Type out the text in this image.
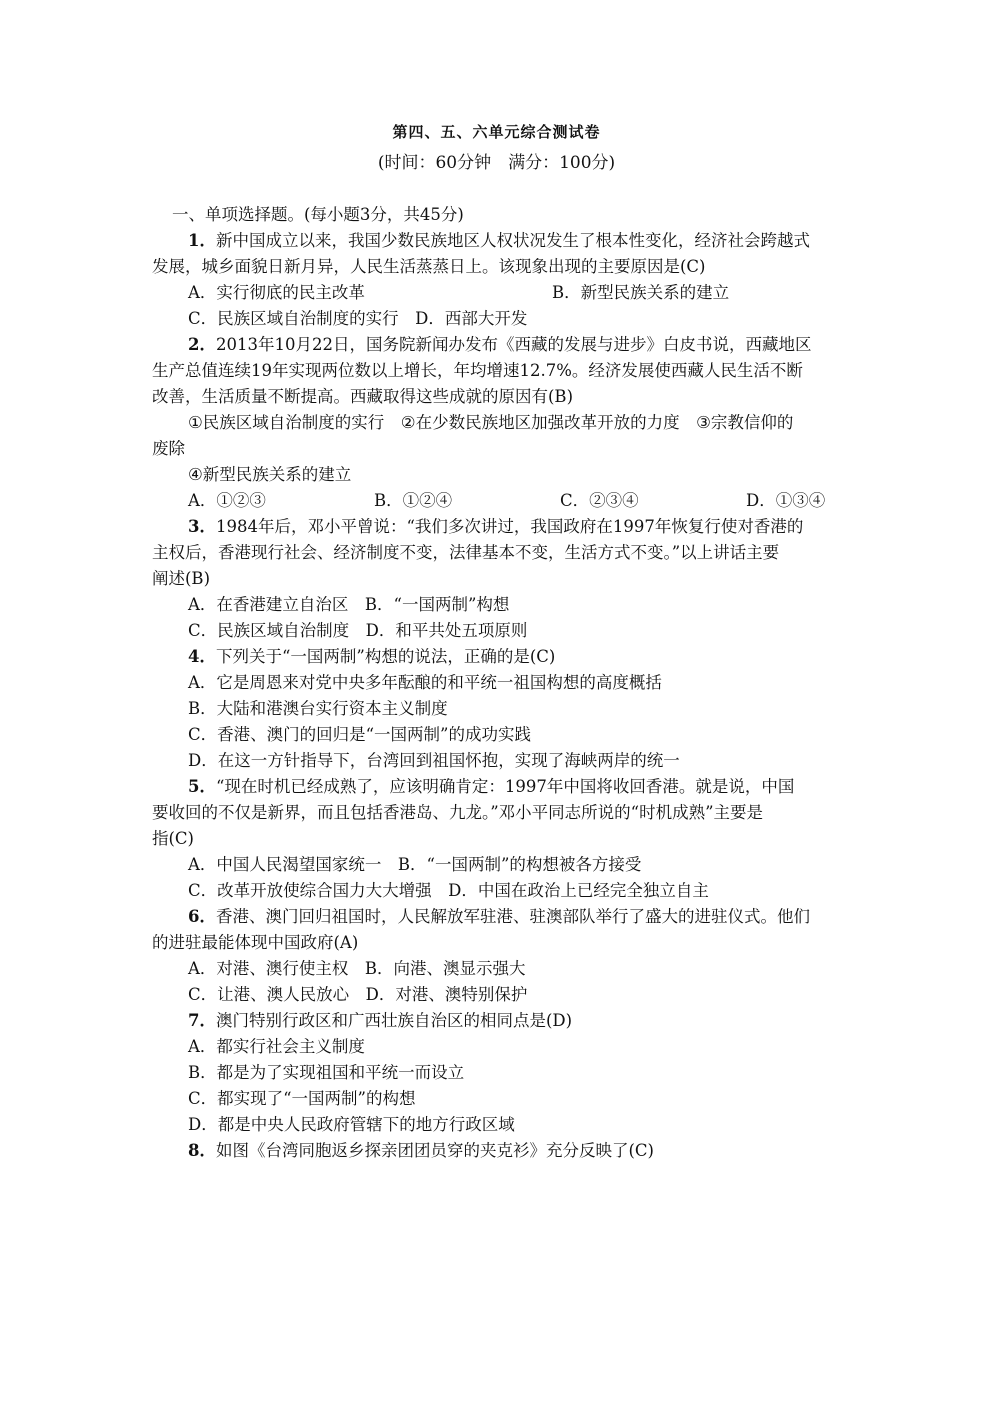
第四、五、六单元综合测试卷
(时间：60分钟　满分：100分)
一、单项选择题。(每小题3分，共45分)
1．新中国成立以来，我国少数民族地区人权状况发生了根本性变化，经济社会跨越式
发展，城乡面貌日新月异，人民生活蒸蒸日上。该现象出现的主要原因是(C)
A．实行彻底的民主改革	B．新型民族关系的建立
C．民族区域自治制度的实行　D．西部大开发
2．2013年10月22日，国务院新闻办发布《西藏的发展与进步》白皮书说，西藏地区
生产总值连续19年实现两位数以上增长，年均增速12.7%。经济发展使西藏人民生活不断
改善，生活质量不断提高。西藏取得这些成就的原因有(B)
①民族区域自治制度的实行　②在少数民族地区加强改革开放的力度　③宗教信仰的
废除
④新型民族关系的建立
A．①②③	B．①②④	C．②③④	D．①③④
3．1984年后，邓小平曾说：“我们多次讲过，我国政府在1997年恢复行使对香港的
主权后，香港现行社会、经济制度不变，法律基本不变，生活方式不变。”以上讲话主要
阐述(B)
A．在香港建立自治区　B．“一国两制”构想
C．民族区域自治制度　D．和平共处五项原则
4．下列关于“一国两制”构想的说法，正确的是(C)
A．它是周恩来对党中央多年酝酿的和平统一祖国构想的高度概括
B．大陆和港澳台实行资本主义制度
C．香港、澳门的回归是“一国两制”的成功实践
D．在这一方针指导下，台湾回到祖国怀抱，实现了海峡两岸的统一
5．“现在时机已经成熟了，应该明确肯定：1997年中国将收回香港。就是说，中国
要收回的不仅是新界，而且包括香港岛、九龙。”邓小平同志所说的“时机成熟”主要是
指(C)
A．中国人民渴望国家统一　B．“一国两制”的构想被各方接受
C．改革开放使综合国力大大增强　D．中国在政治上已经完全独立自主
6．香港、澳门回归祖国时，人民解放军驻港、驻澳部队举行了盛大的进驻仪式。他们
的进驻最能体现中国政府(A)
A．对港、澳行使主权　B．向港、澳显示强大
C．让港、澳人民放心　D．对港、澳特别保护
7．澳门特别行政区和广西壮族自治区的相同点是(D)
A．都实行社会主义制度
B．都是为了实现祖国和平统一而设立
C．都实现了“一国两制”的构想
D．都是中央人民政府管辖下的地方行政区域
8．如图《台湾同胞返乡探亲团团员穿的夹克衫》充分反映了(C)
